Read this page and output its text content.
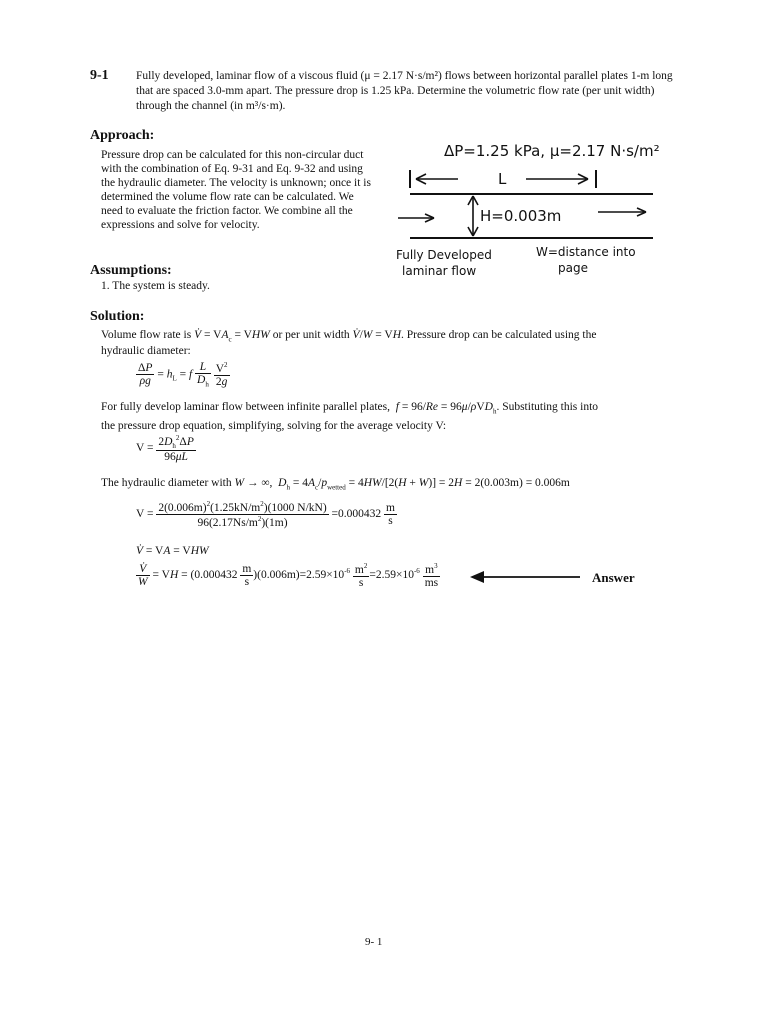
9-1 Fully developed, laminar flow of a viscous fluid (μ = 2.17 N·s/m²) flows between horizontal parallel plates 1-m long that are spaced 3.0-mm apart. The pressure drop is 1.25 kPa. Determine the volumetric flow rate (per unit width) through the channel (in m³/s·m).
Approach:
Pressure drop can be calculated for this non-circular duct with the combination of Eq. 9-31 and Eq. 9-32 and using the hydraulic diameter. The velocity is unknown; once it is determined the volume flow rate can be calculated. We need to evaluate the friction factor. We combine all the expressions and solve for velocity.
ΔP=1.25 kPa, μ=2.17 N·s/m²
L
H=0.003m
Fully Developed
laminar flow
W=distance into
page
Assumptions:
1. The system is steady.
Solution:
Volume flow rate is V̇ = $VA_c$ = VHW or per unit width V̇/W = VH. Pressure drop can be calculated using the
hydraulic diameter:
$\frac{\Delta P}{\rho g} = h_L = f \frac{L}{D_h}$
$\frac{V^2}{2g}$
For fully develop laminar flow between infinite parallel plates, f = 96/Re = 96μ/ρVD$_h$. Substituting this into
the pressure drop equation, simplifying, solving for the average velocity V:
$V = \frac{2D_h^2\Delta P}{96\mu L}$
The hydraulic diameter with W → ∞,  $D_h = 4A_c/p_{wetted} = 4HW/[2(H + W)] = 2H = 2(0.003m) = 0.006m$
$V = \frac{2(0.006m)^2(1.25kN/m^2)(1000 N/kN)}{96(2.17Ns/m^2)(1m)} =0.000432 \frac{m}{s}$
V̇ = VA = VHW
$\frac{V̇}{W}$ = VH = $(0.000432 \frac{m}{s} )(0.006m)=2.59\times 10^{-6} \frac{m^2}{s} =2.59\times 10^{-6} \frac{m^3}{ms}$	Answer
9- 1
